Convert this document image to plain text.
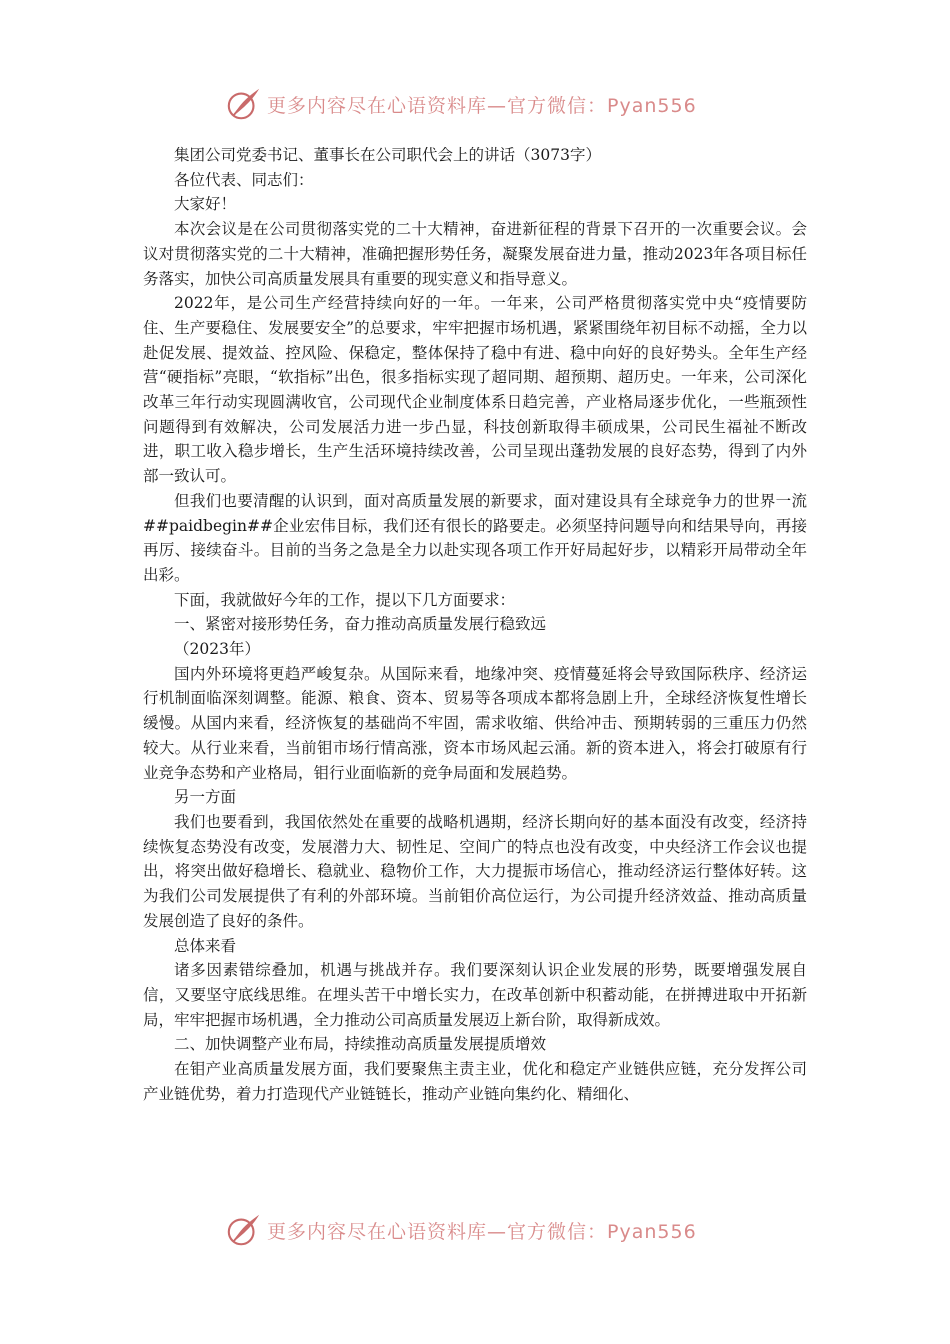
更多内容尽在心语资料库—官方微信：Pyan556

集团公司党委书记、董事长在公司职代会上的讲话（3073字）

各位代表、同志们：

大家好！

本次会议是在公司贯彻落实党的二十大精神，奋进新征程的背景下召开的一次重要会议。会议对贯彻落实党的二十大精神，准确把握形势任务，凝聚发展奋进力量，推动2023年各项目标任务落实，加快公司高质量发展具有重要的现实意义和指导意义。

2022年，是公司生产经营持续向好的一年。一年来，公司严格贯彻落实党中央“疫情要防住、生产要稳住、发展要安全”的总要求，牢牢把握市场机遇，紧紧围绕年初目标不动摇，全力以赴促发展、提效益、控风险、保稳定，整体保持了稳中有进、稳中向好的良好势头。全年生产经营“硬指标”亮眼，“软指标”出色，很多指标实现了超同期、超预期、超历史。一年来，公司深化改革三年行动实现圆满收官，公司现代企业制度体系日趋完善，产业格局逐步优化，一些瓶颈性问题得到有效解决，公司发展活力进一步凸显，科技创新取得丰硕成果，公司民生福祉不断改进，职工收入稳步增长，生产生活环境持续改善，公司呈现出蓬勃发展的良好态势，得到了内外部一致认可。

但我们也要清醒的认识到，面对高质量发展的新要求，面对建设具有全球竞争力的世界一流##paidbegin##企业宏伟目标，我们还有很长的路要走。必须坚持问题导向和结果导向，再接再厉、接续奋斗。目前的当务之急是全力以赴实现各项工作开好局起好步，以精彩开局带动全年出彩。

下面，我就做好今年的工作，提以下几方面要求：

一、紧密对接形势任务，奋力推动高质量发展行稳致远

（2023年）

国内外环境将更趋严峻复杂。从国际来看，地缘冲突、疫情蔓延将会导致国际秩序、经济运行机制面临深刻调整。能源、粮食、资本、贸易等各项成本都将急剧上升，全球经济恢复性增长缓慢。从国内来看，经济恢复的基础尚不牢固，需求收缩、供给冲击、预期转弱的三重压力仍然较大。从行业来看，当前钼市场行情高涨，资本市场风起云涌。新的资本进入，将会打破原有行业竞争态势和产业格局，钼行业面临新的竞争局面和发展趋势。

另一方面

我们也要看到，我国依然处在重要的战略机遇期，经济长期向好的基本面没有改变，经济持续恢复态势没有改变，发展潜力大、韧性足、空间广的特点也没有改变，中央经济工作会议也提出，将突出做好稳增长、稳就业、稳物价工作，大力提振市场信心，推动经济运行整体好转。这为我们公司发展提供了有利的外部环境。当前钼价高位运行，为公司提升经济效益、推动高质量发展创造了良好的条件。

总体来看

诸多因素错综叠加，机遇与挑战并存。我们要深刻认识企业发展的形势，既要增强发展自信，又要坚守底线思维。在埋头苦干中增长实力，在改革创新中积蓄动能，在拼搏进取中开拓新局，牢牢把握市场机遇，全力推动公司高质量发展迈上新台阶，取得新成效。

二、加快调整产业布局，持续推动高质量发展提质增效

在钼产业高质量发展方面，我们要聚焦主责主业，优化和稳定产业链供应链，充分发挥公司产业链优势，着力打造现代产业链链长，推动产业链向集约化、精细化、

更多内容尽在心语资料库—官方微信：Pyan556
